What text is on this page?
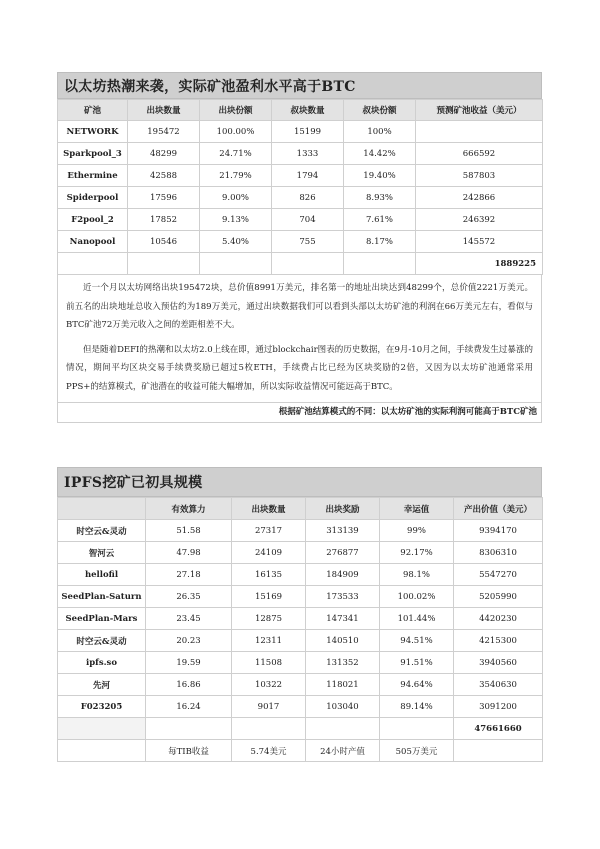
以太坊热潮来袭，实际矿池盈利水平高于BTC
矿池	出块数量	出块份额	叔块数量	叔块份额	预测矿池收益（美元）
NETWORK	195472	100.00%	15199	100%	
Sparkpool_3	48299	24.71%	1333	14.42%	666592
Ethermine	42588	21.79%	1794	19.40%	587803
Spiderpool	17596	9.00%	826	8.93%	242866
F2pool_2	17852	9.13%	704	7.61%	246392
Nanopool	10546	5.40%	755	8.17%	145572
					1889225

近一个月以太坊网络出块195472块，总价值8991万美元，排名第一的地址出块达到48299个，总价值2221万美元。前五名的出块地址总收入预估约为189万美元，通过出块数据我们可以看到头部以太坊矿池的利润在66万美元左右，看似与BTC矿池72万美元收入之间的差距相差不大。

但是随着DEFI的热潮和以太坊2.0上线在即，通过blockchair图表的历史数据，在9月-10月之间，手续费发生过暴涨的情况，期间平均区块交易手续费奖励已超过5枚ETH，手续费占比已经为区块奖励的2倍，又因为以太坊矿池通常采用PPS+的结算模式，矿池潜在的收益可能大幅增加，所以实际收益情况可能远高于BTC。

根据矿池结算模式的不同：以太坊矿池的实际利润可能高于BTC矿池
IPFS挖矿已初具规模
	有效算力	出块数量	出块奖励	幸运值	产出价值（美元）
时空云&灵动	51.58	27317	313139	99%	9394170
智河云	47.98	24109	276877	92.17%	8306310
hellofil	27.18	16135	184909	98.1%	5547270
SeedPlan-Saturn	26.35	15169	173533	100.02%	5205990
SeedPlan-Mars	23.45	12875	147341	101.44%	4420230
时空云&灵动	20.23	12311	140510	94.51%	4215300
ipfs.so	19.59	11508	131352	91.51%	3940560
先河	16.86	10322	118021	94.64%	3540630
F023205	16.24	9017	103040	89.14%	3091200
					47661660
	每TIB收益	5.74美元	24小时产值	505万美元	
